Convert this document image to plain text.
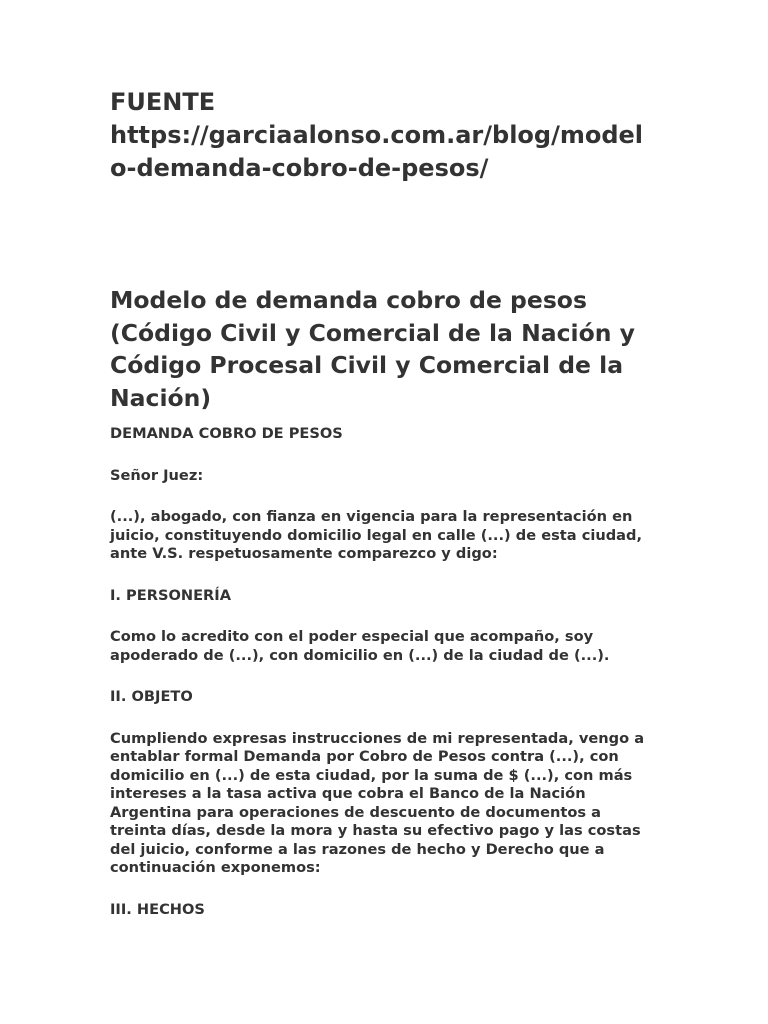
FUENTE
https://garciaalonso.com.ar/blog/modelo-demanda-cobro-de-pesos/

Modelo de demanda cobro de pesos (Código Civil y Comercial de la Nación y Código Procesal Civil y Comercial de la Nación)

DEMANDA COBRO DE PESOS

Señor Juez:

(...), abogado, con fianza en vigencia para la representación en juicio, constituyendo domicilio legal en calle (...) de esta ciudad, ante V.S. respetuosamente comparezco y digo:

I. PERSONERÍA

Como lo acredito con el poder especial que acompaño, soy apoderado de (...), con domicilio en (...) de la ciudad de (...).

II. OBJETO

Cumpliendo expresas instrucciones de mi representada, vengo a entablar formal Demanda por Cobro de Pesos contra (...), con domicilio en (...) de esta ciudad, por la suma de $ (...), con más intereses a la tasa activa que cobra el Banco de la Nación Argentina para operaciones de descuento de documentos a treinta días, desde la mora y hasta su efectivo pago y las costas del juicio, conforme a las razones de hecho y Derecho que a continuación exponemos:

III. HECHOS
